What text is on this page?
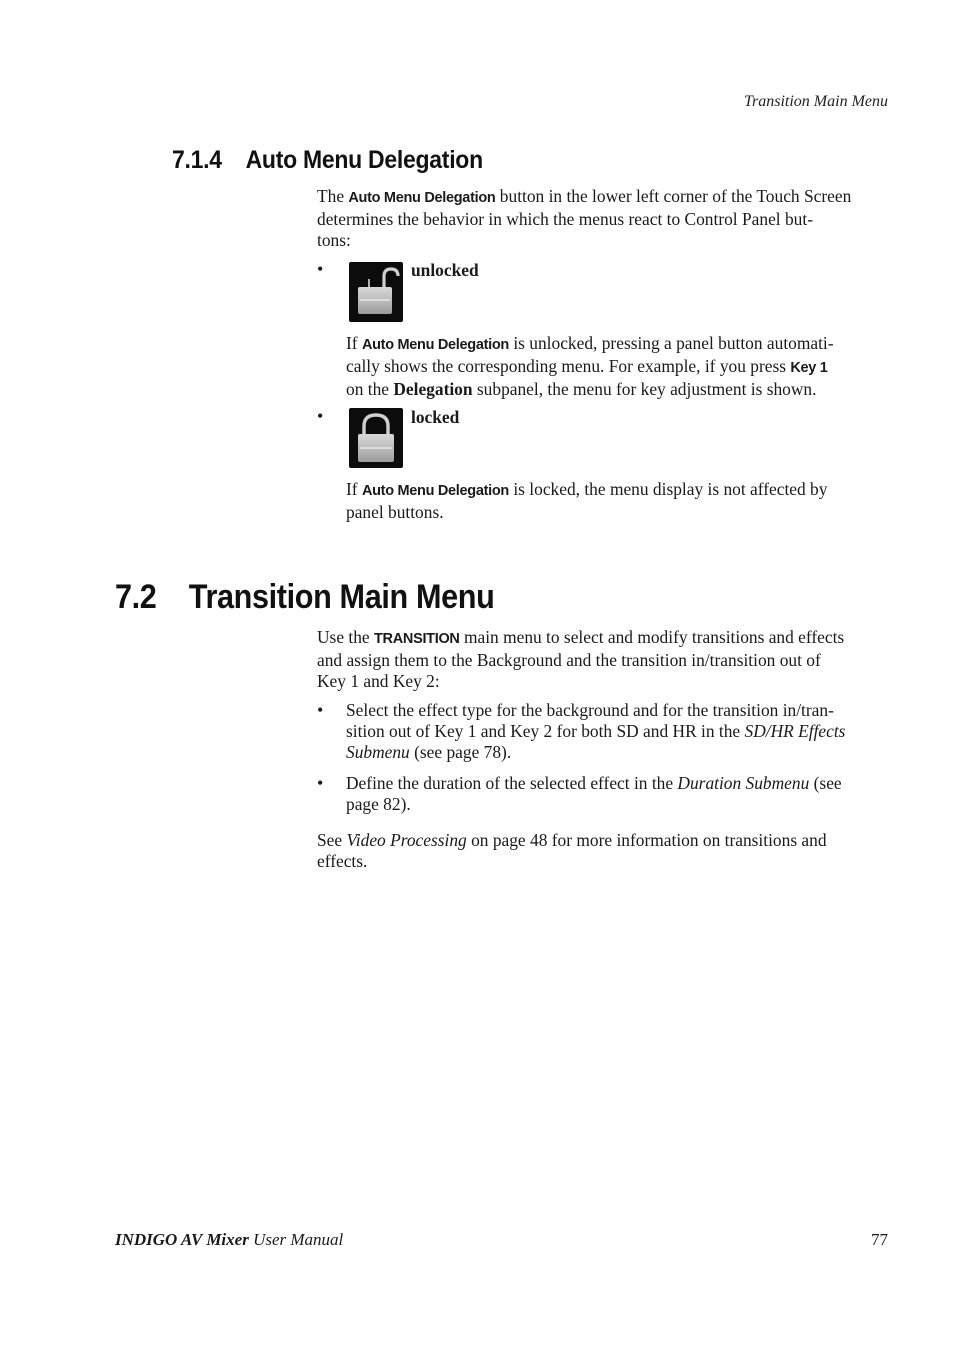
Transition Main Menu
7.1.4 Auto Menu Delegation
The Auto Menu Delegation button in the lower left corner of the Touch Screen
determines the behavior in which the menus react to Control Panel but-
tons:
•	unlocked
If Auto Menu Delegation is unlocked, pressing a panel button automati-
cally shows the corresponding menu. For example, if you press Key 1
on the Delegation subpanel, the menu for key adjustment is shown.
•	locked
If Auto Menu Delegation is locked, the menu display is not affected by
panel buttons.
7.2 Transition Main Menu
Use the TRANSITION main menu to select and modify transitions and effects
and assign them to the Background and the transition in/transition out of
Key 1 and Key 2:
• Select the effect type for the background and for the transition in/tran-
sition out of Key 1 and Key 2 for both SD and HR in the SD/HR Effects
Submenu (see page 78).
• Define the duration of the selected effect in the Duration Submenu (see
page 82).
See Video Processing on page 48 for more information on transitions and
effects.
INDIGO AV Mixer User Manual	77
